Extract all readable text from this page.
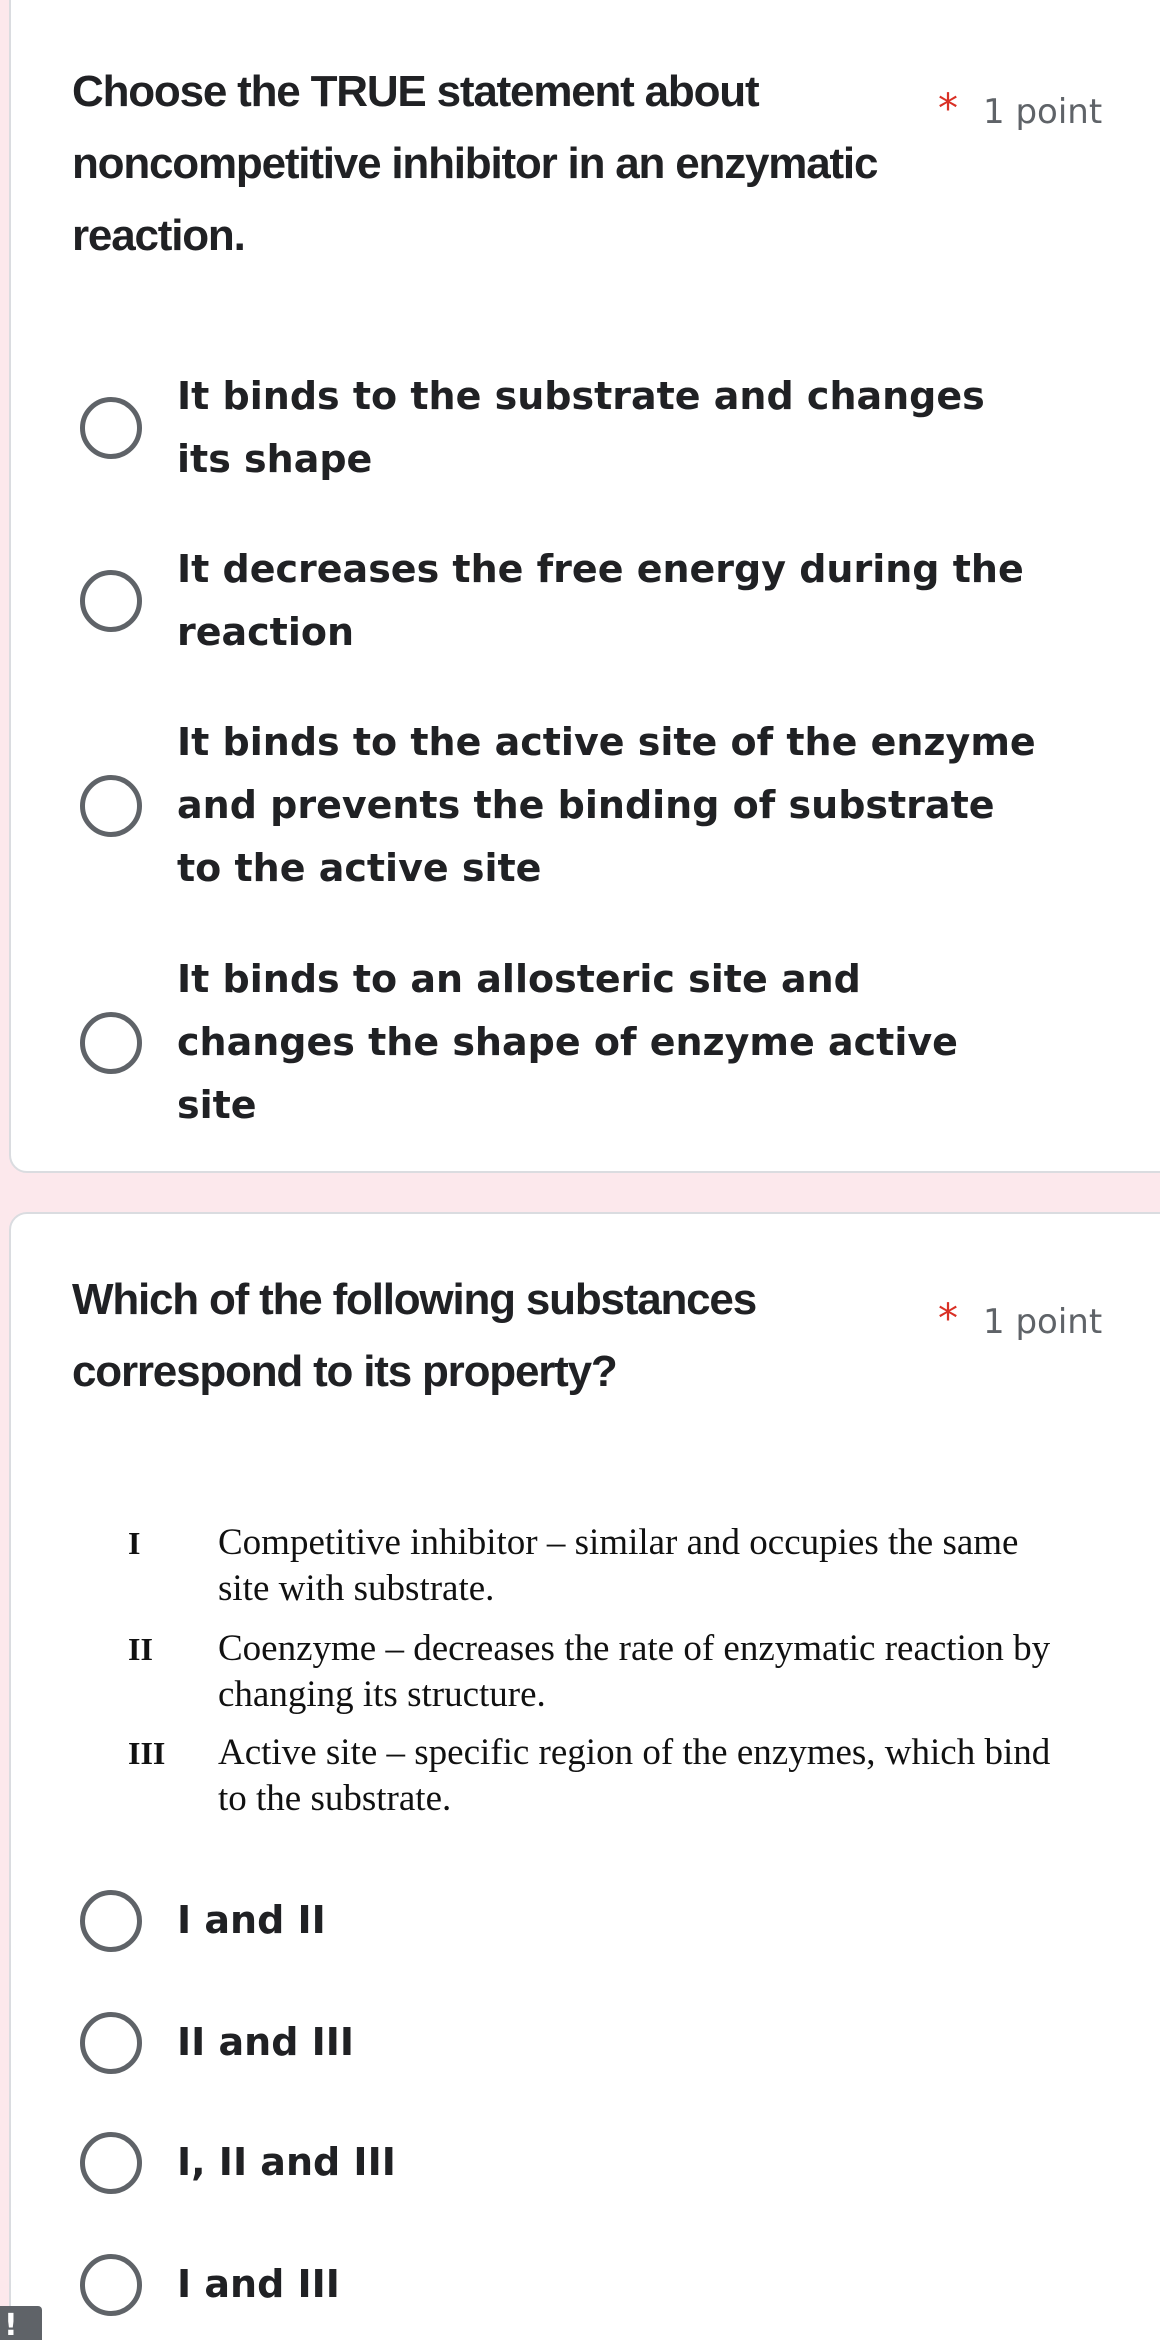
Choose the TRUE statement about noncompetitive inhibitor in an enzymatic reaction.
* 1 point
It binds to the substrate and changes its shape
It decreases the free energy during the reaction
It binds to the active site of the enzyme and prevents the binding of substrate to the active site
It binds to an allosteric site and changes the shape of enzyme active site
Which of the following substances correspond to its property?
* 1 point
I	Competitive inhibitor – similar and occupies the same site with substrate.
II	Coenzyme – decreases the rate of enzymatic reaction by changing its structure.
III	Active site – specific region of the enzymes, which bind to the substrate.
I and II
II and III
I, II and III
I and III
!
